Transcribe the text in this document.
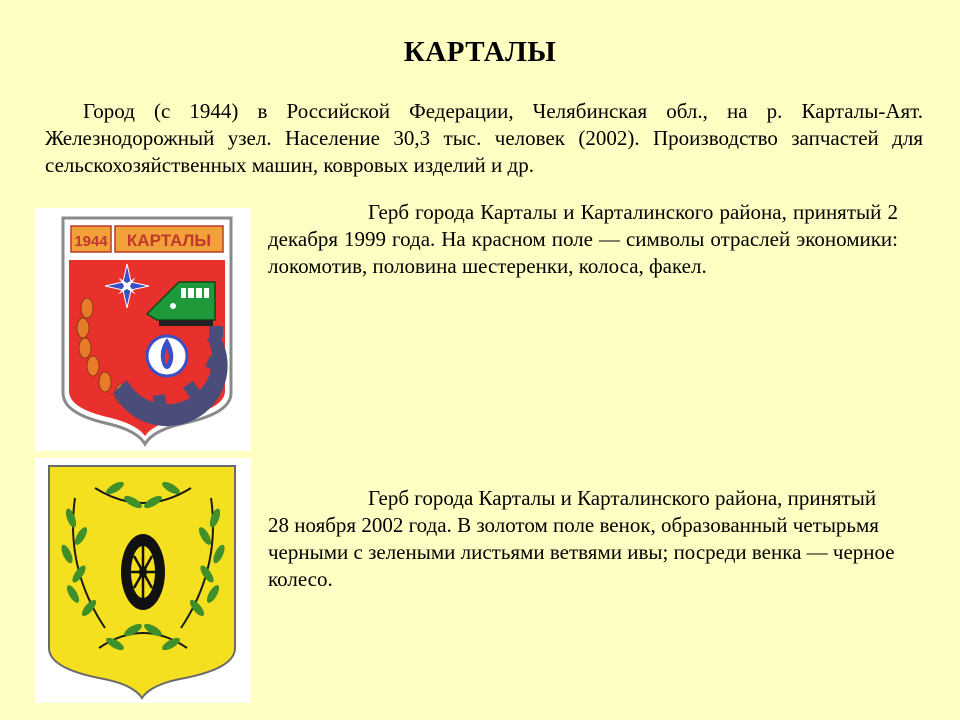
КАРТАЛЫ

Город (с 1944) в Российской Федерации, Челябинская обл., на р. Карталы-Аят. Железнодорожный узел. Население 30,3 тыс. человек (2002). Производство запчастей для сельскохозяйственных машин, ковровых изделий и др.

1944 КАРТАЛЫ

Герб города Карталы и Карталинского района, принятый 2 декабря 1999 года. На красном поле — символы отраслей экономики: локомотив, половина шестеренки, колоса, факел.

Герб города Карталы и Карталинского района, принятый 28 ноября 2002 года. В золотом поле венок, образованный четырьмя черными с зелеными листьями ветвями ивы; посреди венка — черное колесо.
